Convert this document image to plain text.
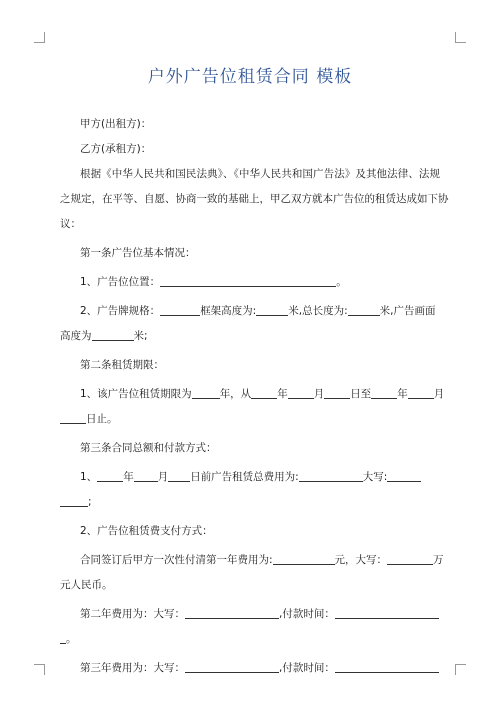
户外广告位租赁合同 模板
甲方(出租方)：
乙方(承租方)：
根据《中华人民共和国民法典》、《中华人民共和国广告法》及其他法律、法规
之规定，在平等、自愿、协商一致的基础上，甲乙双方就本广告位的租赁达成如下协
议：
第一条广告位基本情况：
1、广告位位置：	。
2、广告牌规格：	框架高度为:	米,总长度为:	米,广告画面
高度为	米;
第二条租赁期限：
1、该广告位租赁期限为	年，从 年 月 日至 年 月
日止。
第三条合同总额和付款方式：
1、 年 月 日前广告租赁总费用为:	大写:
;
2、广告位租赁费支付方式：
合同签订后甲方一次性付清第一年费用为:	元，大写：	万
元人民币。
第二年费用为：大写：	,付款时间：
。
第三年费用为：大写：	,付款时间：
